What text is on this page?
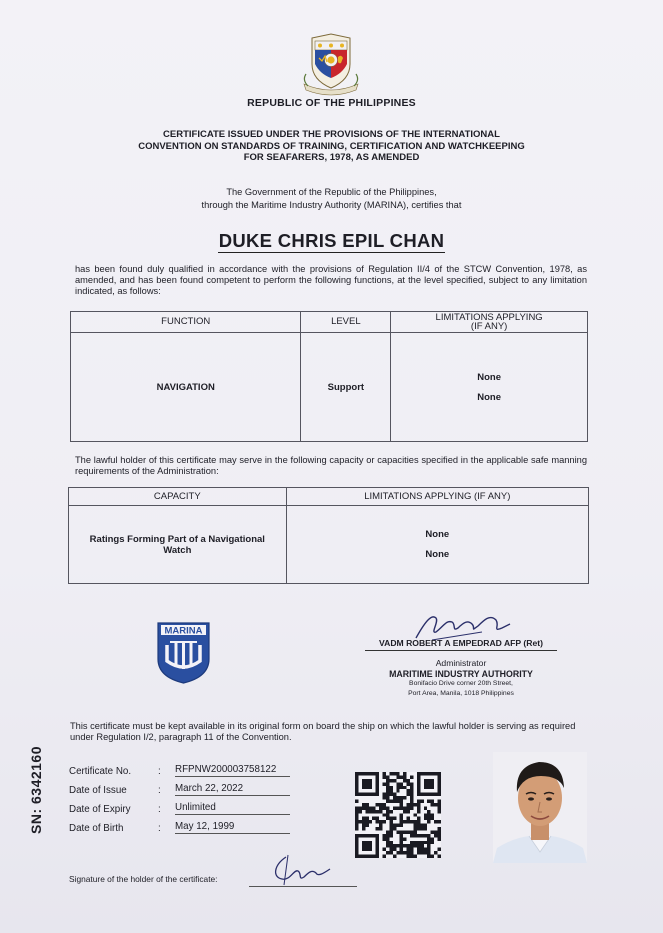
REPUBLIC OF THE PHILIPPINES
CERTIFICATE ISSUED UNDER THE PROVISIONS OF THE INTERNATIONAL
CONVENTION ON STANDARDS OF TRAINING, CERTIFICATION AND WATCHKEEPING
FOR SEAFARERS, 1978, AS AMENDED
The Government of the Republic of the Philippines,
through the Maritime Industry Authority (MARINA), certifies that
DUKE CHRIS EPIL CHAN
has been found duly qualified in accordance with the provisions of Regulation II/4 of the STCW Convention, 1978, as amended, and has been found competent to perform the following functions, at the level specified, subject to any limitation indicated, as follows:
FUNCTION	LEVEL	LIMITATIONS APPLYING (IF ANY)

NAVIGATION	Support	None
None
The lawful holder of this certificate may serve in the following capacity or capacities specified in the applicable safe manning requirements of the Administration:
CAPACITY	LIMITATIONS APPLYING (IF ANY)
Ratings Forming Part of a Navigational Watch	None
None
MARINA
VADM ROBERT A EMPEDRAD AFP (Ret)
Administrator
MARITIME INDUSTRY AUTHORITY
Bonifacio Drive corner 20th Street,
Port Area, Manila, 1018 Philippines
This certificate must be kept available in its original form on board the ship on which the lawful holder is serving as required under Regulation I/2, paragraph 11 of the Convention.
SN: 6342160	Certificate No.	: RFPNW200003758122
Date of Issue	: March 22, 2022
Date of Expiry	: Unlimited
Date of Birth	: May 12, 1999
Signature of the holder of the certificate:
